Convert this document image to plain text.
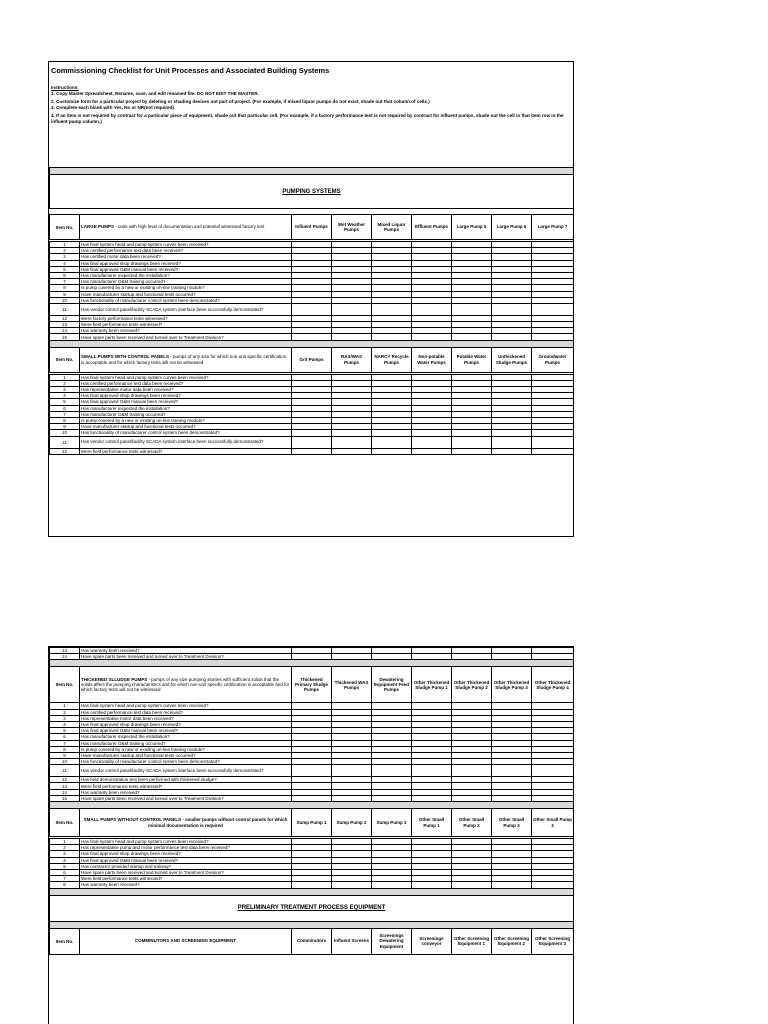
Commissioning Checklist for Unit Processes and Associated Building Systems
Instructions:
1. Copy Master Spreadsheet, Rename, save, and edit renamed file. DO NOT EDIT THE MASTER.
2. Customize form for a particular project by deleting or shading devices not part of project. (For example, if mixed liquor pumps do not exist, shade out that column of cells.)
3. Complete each blank with Yes, No or NR(not required)
4. If an item is not required by contract for a particular piece of equipment, shade out that particular cell. (For example, if a factory performance test is not required by contract for influent pumps, shade out the cell in that item row in the influent pump column.)

PUMPING SYSTEMS								

Item No.	LARGE PUMPS - units with high level of documentation and potential witnessed factory test	Influent Pumps	Wet Weather Pumps	Mixed Liquor Pumps	Effluent Pumps	Large Pump 5	Large Pump 6	Large Pump 7

1	Has final system head and pump system curves been received?							
2	Has certified performance test data been received?							
3	Has certified motor data been received?							
4	Has final approved shop drawings been received?							
5	Has final approved O&M manual been received?							
6	Has manufacturer inspected the installation?							
7	Has manufacturer O&M training occurred?							
8	Is pump covered by a new or existing on-line training module?							
9	Have manufacturer startup and functional tests occurred?							
10	Has functionality of manufacturer control system been demonstrated?							
11	Has vendor control panel/facility SCADA system interface been successfully demonstrated?							
12	Were factory performance tests witnessed?							
13	Were field performance tests witnessed?							
14	Has warranty been received?							
15	Have spare parts been received and turned over to Treatment Division?							

Item No.	SMALL PUMPS WITH CONTROL PANELS - pumps of any size for which non-unit specific certification is acceptable and for which factory tests will not be witnessed	Grit Pumps	RAS/WAS Pumps	NARCY Recycle Pumps	Non-potable Water Pumps	Potable Water Pumps	Unthickened Sludge Pumps	Groundwater Pumps

1	Has final system head and pump system curves been received?							
2	Has certified performance test data been received?							
3	Has representative motor data been received?							
4	Has final approved shop drawings been received?							
5	Has final approved O&M manual been received?							
6	Has manufacturer inspected the installation?							
7	Has manufacturer O&M training occurred?							
8	Is pump covered by a new or existing on-line training module?							
9	Have manufacturer startup and functional tests occurred?							
10	Has functionality of manufacturer control system been demonstrated?							
11	Has vendor control panel/facility SCADA system interface been successfully demonstrated?							
12	Were field performance tests witnessed?							
13	Has warranty been received?							
14	Have spare parts been received and turned over to Treatment Division?							

Item No.	THICKENED SLLUDGE PUMPS - pumps of any size pumping slurries with sufficient solids that the solids affect the pumping characteristics and for which non-unit specific certification is acceptable and for which factory tests will not be witnessed	Thickened Primary Sludge Pumps	Thickened WAS Pumps	Dewatering Equipment Feed Pumps	Other Thickened Sludge Pump 1	Other Thickened Sludge Pump 2	Other Thickened Sludge Pump 3	Other Thickened Sludge Pump 4
1	Has final system head and pump system curves been received?							
2	Has certified performance test data been received?							
3	Has representative motor data been received?							
4	Has final approved shop drawings been received?							
5	Has final approved O&M manual been received?							
6	Has manufacturer inspected the installation?							
7	Has manufacturer O&M training occurred?							
8	Is pump covered by a new or existing on-line training module?							
9	Have manufacturer startup and functional tests occurred?							
10	Has functionality of manufacturer control system been demonstrated?							
11	Has vendor control panel/facility SCADA system interface been successfully demonstrated?							
12	Has field demonstration test been performed with thickened sludge?							
13	Were field performance tests witnessed?							
14	Has warranty been received?							
15	Have spare parts been received and turned over to Treatment Division?							

Item No.	SMALL PUMPS WITHOUT CONTROL PANELS - smaller pumps without control panels for which minimal documentation is required	Sump Pump 1	Sump Pump 2	Sump Pump 3	Other Small Pump 1	Other Small Pump 2	Other Small Pump 3	Other Small Pump 3

1	Has final system head and pump system curves been received?							
2	Has representative pump and motor performance test data been received?							
3	Has final approved shop drawings been received?							
4	Has final approved O&M manual been received?							
5	Has contractor provided startup and training?							
6	Have spare parts been received and turned over to Treatment Division?							
7	Were field performance tests witnessed?							
8	Has warranty been received?							

PRELIMINARY TREATMENT PROCESS EQUIPMENT								

Item No.	COMMINUTORS AND SCREENING EQUIPMENT	Comminutors	Influent Screens	Screenings Dewatering Equipment	Screenings conveyor	Other Screening Equipment 1	Other Screening Equipment 2	Other Screening Equipment 3
